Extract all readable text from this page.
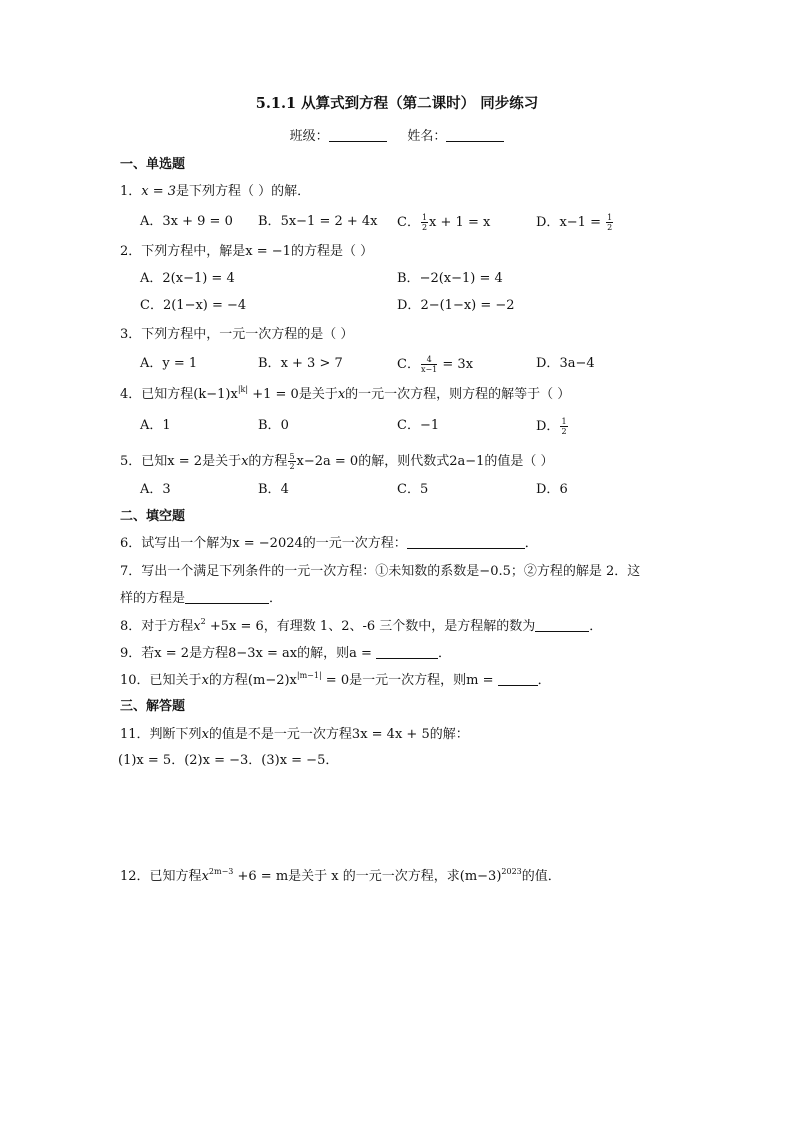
5.1.1 从算式到方程（第二课时） 同步练习
班级：	姓名：
一、单选题
1．x = 3是下列方程（ ）的解．
A．3x + 9 = 0 B．5x−1 = 2 + 4x C． $\frac{1}{2}$ x + 1 = x	D．$x-1 = \frac{1}{2}$
2．下列方程中，解是x = −1的方程是（ ）
A．2(x−1) = 4	B．−2(x−1) = 4
C．2(1−x) = −4	D．2−(1−x) = −2
3．下列方程中，一元一次方程的是（ ）
A．y = 1	B．x + 3 > 7	C． $\frac{4}{x-1} = 3x$	D．3a−4
4．已知方程$(k-1)x^{|k|} +1 = 0$是关于x的一元一次方程，则方程的解等于（ ）
A．1	B．0	C．−1	D． $\frac{1}{2}$
5．已知x = 2是关于x的方程 $\frac{5}{2} x-2a = 0$的解，则代数式2a−1的值是（ ）
A．3	B．4	C．5	D．6
二、填空题
6．试写出一个解为x = −2024的一元一次方程：	．
7．写出一个满足下列条件的一元一次方程：①未知数的系数是−0.5；②方程的解是 2．这
样的方程是	．
8．对于方程$x^2 +5x = 6$，有理数 1、2、-6 三个数中，是方程解的数为	．
9．若x = 2是方程8−3x = ax的解，则a =	．
10．已知关于x的方程$(m-2)x^{|m-1|} = 0$是一元一次方程，则m =	．
三、解答题
11．判断下列x的值是不是一元一次方程3x = 4x + 5的解：
(1)x = 5．(2)x = −3．(3)x = −5．
12．已知方程$x^{2m-3} +6 = m$是关于 x 的一元一次方程，求$(m-3)^{2023}$的值．
